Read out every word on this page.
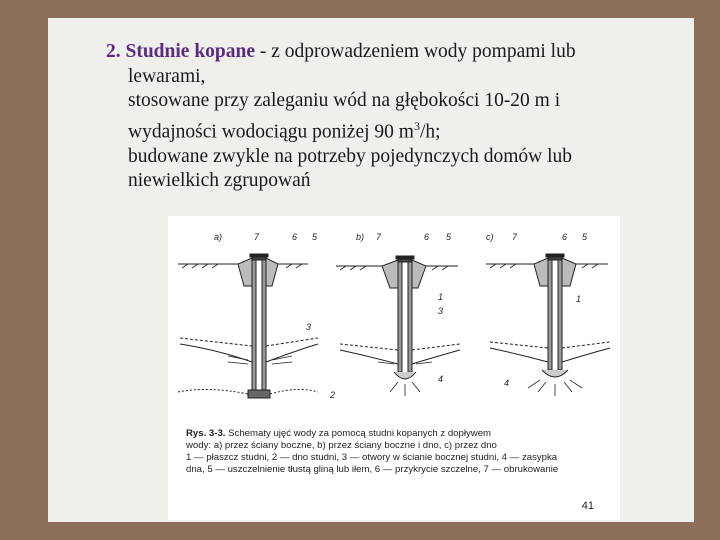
2. Studnie kopane - z odprowadzeniem wody pompami lub
lewarami,
stosowane przy zaleganiu wód na głębokości 10-20 m i
wydajności wodociągu poniżej 90 $m^3/h$;
budowane zwykle na potrzeby pojedynczych domów lub
niewielkich zgrupowań
a)	b)	c)
7	6 5
3
2
7	6 5
1
3
4
7	6 5
1
4
Rys. 3-3. Schematy ujęć wody za pomocą studni kopanych z dopływem
wody: a) przez ściany boczne, b) przez ściany boczne i dno, c) przez dno
1 — płaszcz studni, 2 — dno studni, 3 — otwory w ścianie bocznej studni, 4 — zasypka
dna, 5 — uszczelnienie tłustą gliną lub iłem, 6 — przykrycie szczelne, 7 — obrukowanie
41
